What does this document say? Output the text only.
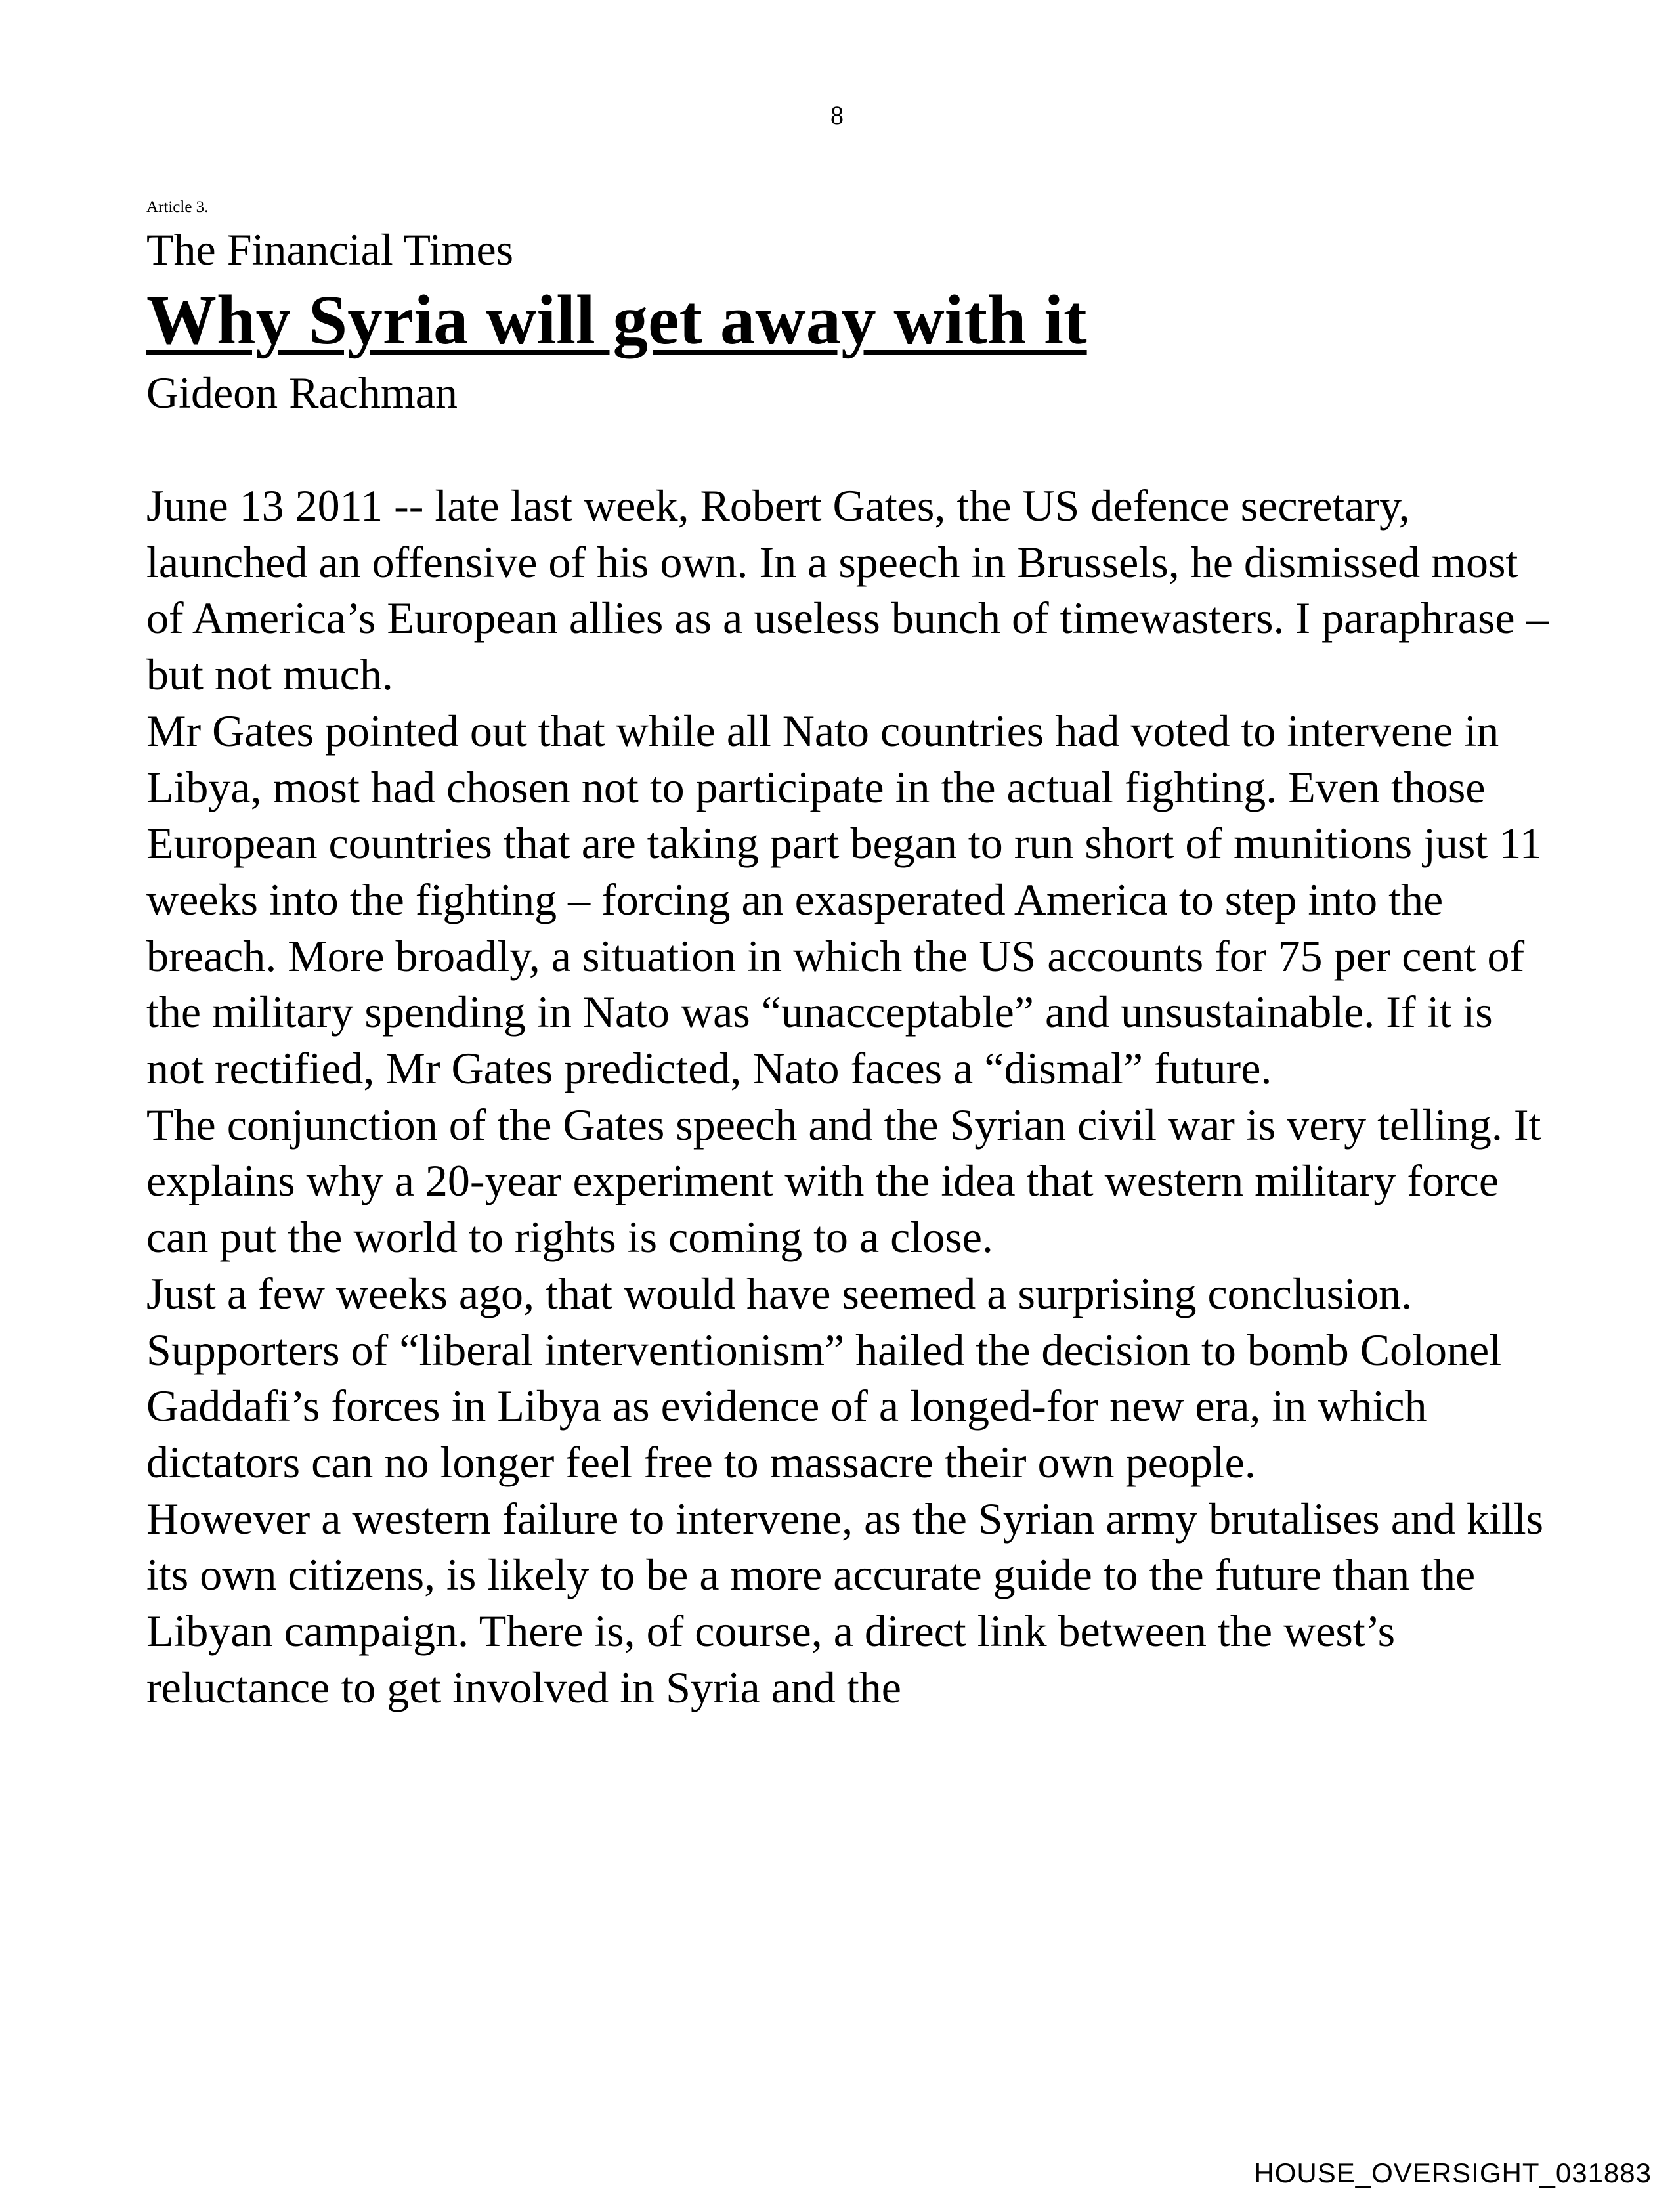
8
Article 3.
The Financial Times
Why Syria will get away with it
Gideon Rachman

June 13 2011 -- late last week, Robert Gates, the US defence secretary, launched an offensive of his own. In a speech in Brussels, he dismissed most of America’s European allies as a useless bunch of timewasters. I paraphrase – but not much.

Mr Gates pointed out that while all Nato countries had voted to intervene in Libya, most had chosen not to participate in the actual fighting. Even those European countries that are taking part began to run short of munitions just 11 weeks into the fighting – forcing an exasperated America to step into the breach. More broadly, a situation in which the US accounts for 75 per cent of the military spending in Nato was “unacceptable” and unsustainable. If it is not rectified, Mr Gates predicted, Nato faces a “dismal” future.

The conjunction of the Gates speech and the Syrian civil war is very telling. It explains why a 20-year experiment with the idea that western military force can put the world to rights is coming to a close.

Just a few weeks ago, that would have seemed a surprising conclusion. Supporters of “liberal interventionism” hailed the decision to bomb Colonel Gaddafi’s forces in Libya as evidence of a longed-for new era, in which dictators can no longer feel free to massacre their own people.

However a western failure to intervene, as the Syrian army brutalises and kills its own citizens, is likely to be a more accurate guide to the future than the Libyan campaign. There is, of course, a direct link between the west’s reluctance to get involved in Syria and the

HOUSE_OVERSIGHT_031883
